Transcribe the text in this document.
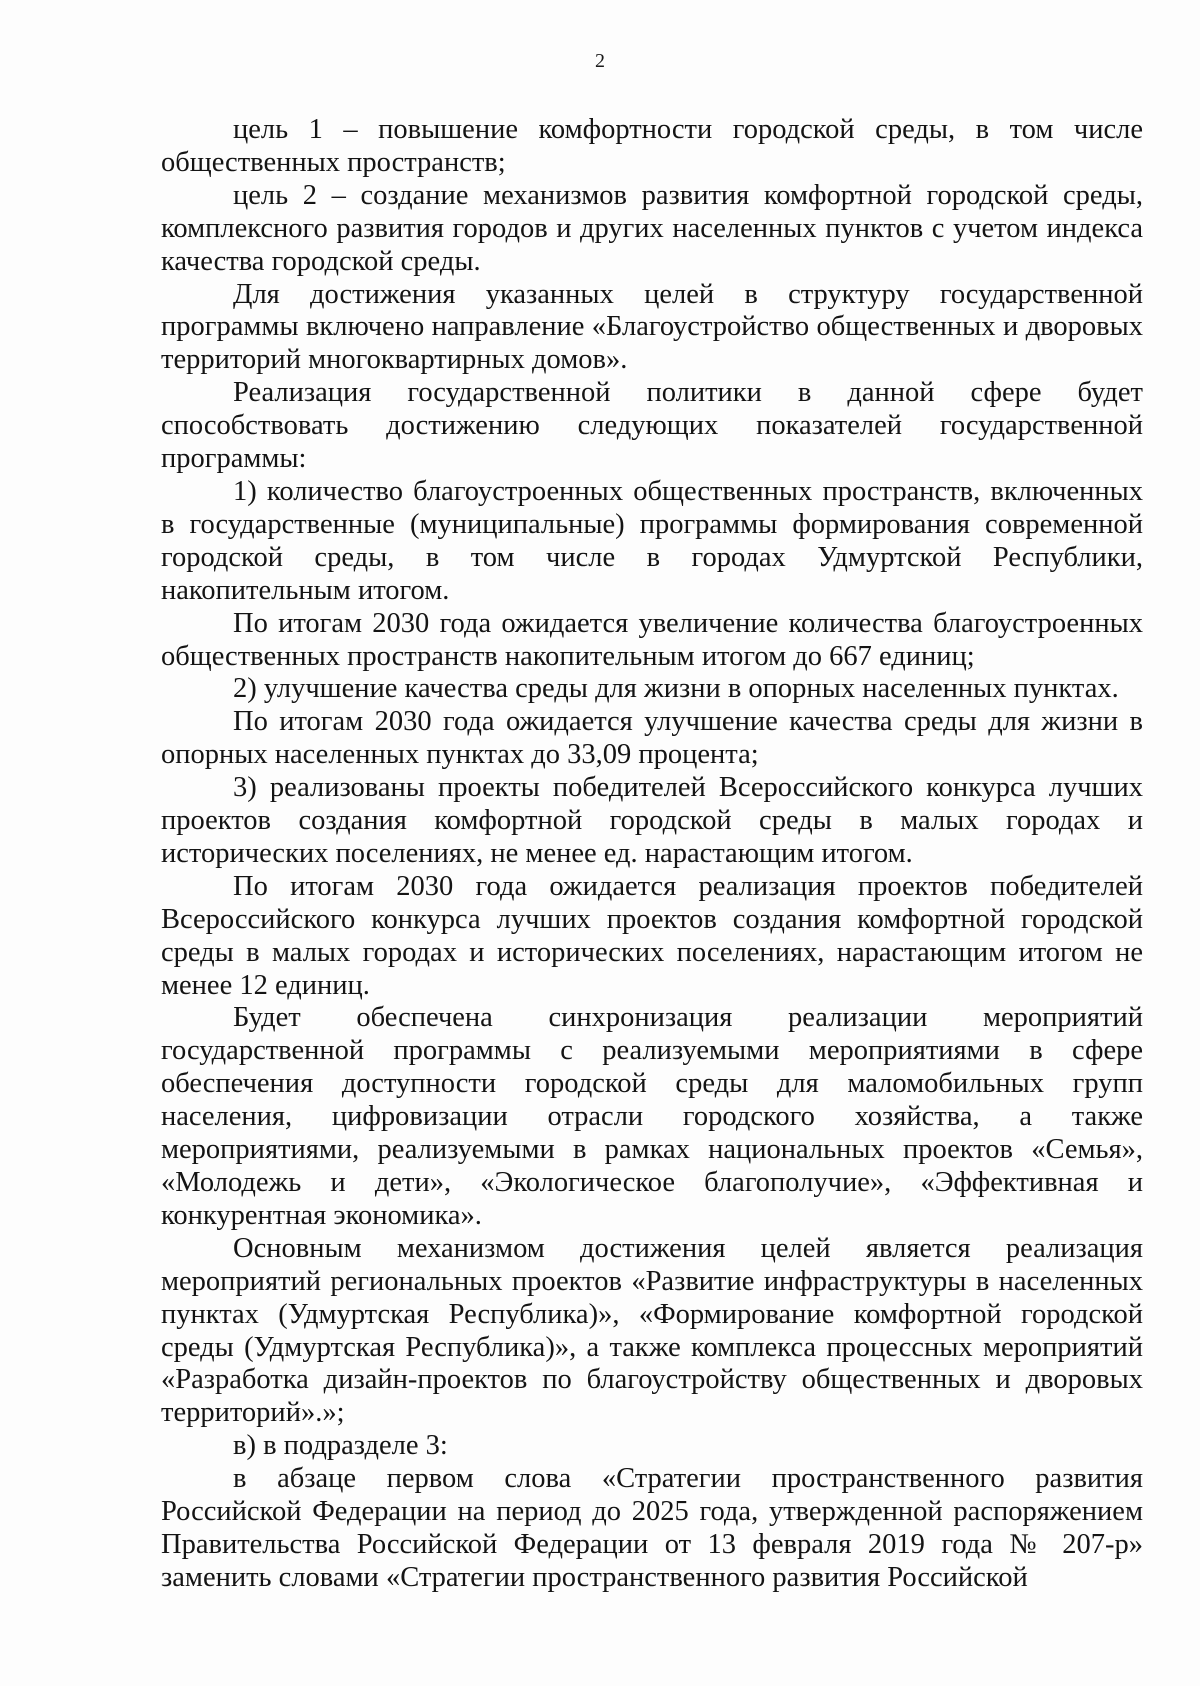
2

цель 1 – повышение комфортности городской среды, в том числе общественных пространств;

цель 2 – создание механизмов развития комфортной городской среды, комплексного развития городов и других населенных пунктов с учетом индекса качества городской среды.

Для достижения указанных целей в структуру государственной программы включено направление «Благоустройство общественных и дворовых территорий многоквартирных домов».

Реализация государственной политики в данной сфере будет способствовать достижению следующих показателей государственной программы:

1) количество благоустроенных общественных пространств, включенных в государственные (муниципальные) программы формирования современной городской среды, в том числе в городах Удмуртской Республики, накопительным итогом.

По итогам 2030 года ожидается увеличение количества благоустроенных общественных пространств накопительным итогом до 667 единиц;

2) улучшение качества среды для жизни в опорных населенных пунктах.

По итогам 2030 года ожидается улучшение качества среды для жизни в опорных населенных пунктах до 33,09 процента;

3) реализованы проекты победителей Всероссийского конкурса лучших проектов создания комфортной городской среды в малых городах и исторических поселениях, не менее ед. нарастающим итогом.

По итогам 2030 года ожидается реализация проектов победителей Всероссийского конкурса лучших проектов создания комфортной городской среды в малых городах и исторических поселениях, нарастающим итогом не менее 12 единиц.

Будет обеспечена синхронизация реализации мероприятий государственной программы с реализуемыми мероприятиями в сфере обеспечения доступности городской среды для маломобильных групп населения, цифровизации отрасли городского хозяйства, а также мероприятиями, реализуемыми в рамках национальных проектов «Семья», «Молодежь и дети», «Экологическое благополучие», «Эффективная и конкурентная экономика».

Основным механизмом достижения целей является реализация мероприятий региональных проектов «Развитие инфраструктуры в населенных пунктах (Удмуртская Республика)», «Формирование комфортной городской среды (Удмуртская Республика)», а также комплекса процессных мероприятий «Разработка дизайн-проектов по благоустройству общественных и дворовых территорий».»;

в) в подразделе 3:

в абзаце первом слова «Стратегии пространственного развития Российской Федерации на период до 2025 года, утвержденной распоряжением Правительства Российской Федерации от 13 февраля 2019 года № 207-р» заменить словами «Стратегии пространственного развития Российской
